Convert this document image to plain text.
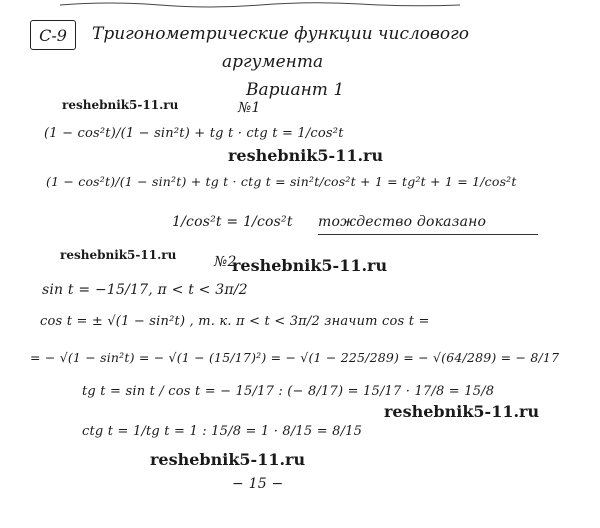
С-9 Тригонометрические функции числового
аргумента
Вариант 1
reshebnik5-11.ru	№1
(1 − cos²t)/(1 − sin²t) + tg t · ctg t = 1/cos²t
reshebnik5-11.ru
(1 − cos²t)/(1 − sin²t) + tg t · ctg t = sin²t/cos²t + 1 = tg²t + 1 = 1/cos²t
1/cos²t = 1/cos²t тождество доказано
reshebnik5-11.ru	№2
reshebnik5-11.ru
sin t = −15/17, π < t < 3π/2
cos t = ± √(1 − sin²t) , т. к. π < t < 3π/2 значит cos t =
= − √(1 − sin²t) = − √(1 − (15/17)²) = − √(1 − 225/289) = − √(64/289) = − 8/17
tg t = sin t / cos t = − 15/17 : (− 8/17) = 15/17 · 17/8 = 15/8
reshebnik5-11.ru
ctg t = 1/tg t = 1 : 15/8 = 1 · 8/15 = 8/15
reshebnik5-11.ru
− 15 −
